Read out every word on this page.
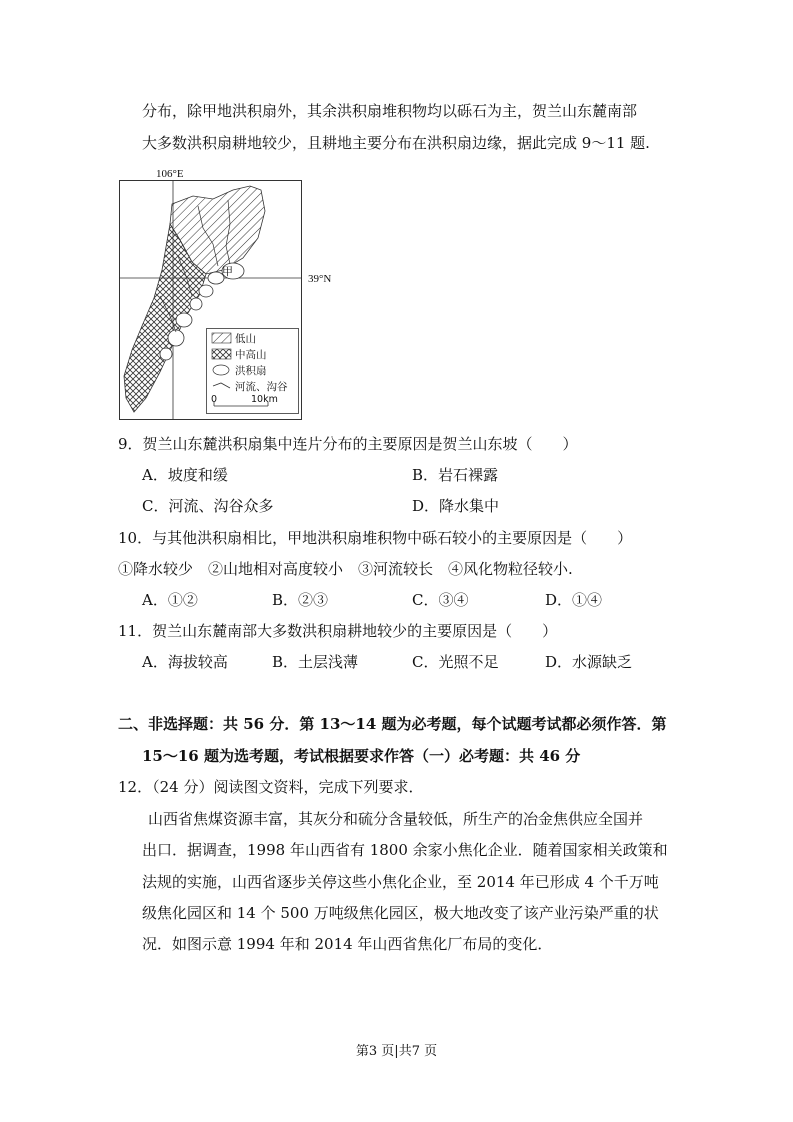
分布，除甲地洪积扇外，其余洪积扇堆积物均以砾石为主，贺兰山东麓南部
大多数洪积扇耕地较少，且耕地主要分布在洪积扇边缘，据此完成 9～11 题.
甲
106°E
39°N
低山
中高山
洪积扇
河流、沟谷
0	10km
9．贺兰山东麓洪积扇集中连片分布的主要原因是贺兰山东坡（　　）
A．坡度和缓	B．岩石裸露
C．河流、沟谷众多	D．降水集中
10．与其他洪积扇相比，甲地洪积扇堆积物中砾石较小的主要原因是（　　）
①降水较少　②山地相对高度较小　③河流较长　④风化物粒径较小.
A．①②	B．②③	C．③④	D．①④
11．贺兰山东麓南部大多数洪积扇耕地较少的主要原因是（　　）
A．海拔较高	B．土层浅薄	C．光照不足	D．水源缺乏
二、非选择题：共 56 分．第 13～14 题为必考题，每个试题考试都必须作答．第
15～16 题为选考题，考试根据要求作答（一）必考题：共 46 分
12．（24 分）阅读图文资料，完成下列要求．
山西省焦煤资源丰富，其灰分和硫分含量较低，所生产的冶金焦供应全国并
出口．据调查，1998 年山西省有 1800 余家小焦化企业．随着国家相关政策和
法规的实施，山西省逐步关停这些小焦化企业，至 2014 年已形成 4 个千万吨
级焦化园区和 14 个 500 万吨级焦化园区，极大地改变了该产业污染严重的状
况．如图示意 1994 年和 2014 年山西省焦化厂布局的变化．
第3 页|共7 页
